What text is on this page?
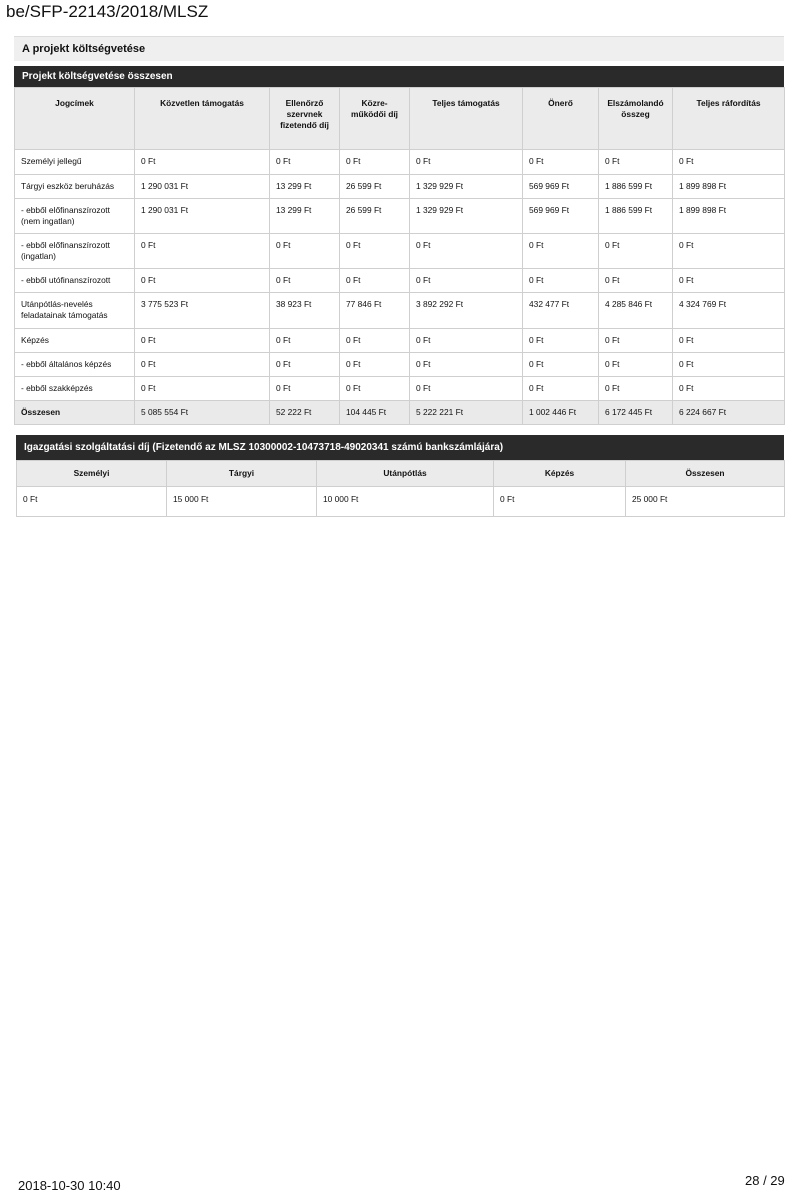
be/SFP-22143/2018/MLSZ
A projekt költségvetése
Projekt költségvetése összesen
Jogcímek	Közvetlen támogatás	Ellenőrző szervnek fizetendő díj	Közre-működői díj	Teljes támogatás	Önerő	Elszámolandó összeg	Teljes ráfordítás
Személyi jellegű	0 Ft	0 Ft	0 Ft	0 Ft	0 Ft	0 Ft	0 Ft
Tárgyi eszköz beruházás	1 290 031 Ft	13 299 Ft	26 599 Ft	1 329 929 Ft	569 969 Ft	1 886 599 Ft	1 899 898 Ft
- ebből előfinanszírozott (nem ingatlan)	1 290 031 Ft	13 299 Ft	26 599 Ft	1 329 929 Ft	569 969 Ft	1 886 599 Ft	1 899 898 Ft
- ebből előfinanszírozott (ingatlan)	0 Ft	0 Ft	0 Ft	0 Ft	0 Ft	0 Ft	0 Ft
- ebből utófinanszírozott	0 Ft	0 Ft	0 Ft	0 Ft	0 Ft	0 Ft	0 Ft
Utánpótlás-nevelés feladatainak támogatás	3 775 523 Ft	38 923 Ft	77 846 Ft	3 892 292 Ft	432 477 Ft	4 285 846 Ft	4 324 769 Ft
Képzés	0 Ft	0 Ft	0 Ft	0 Ft	0 Ft	0 Ft	0 Ft
- ebből általános képzés	0 Ft	0 Ft	0 Ft	0 Ft	0 Ft	0 Ft	0 Ft
- ebből szakképzés	0 Ft	0 Ft	0 Ft	0 Ft	0 Ft	0 Ft	0 Ft
Összesen	5 085 554 Ft	52 222 Ft	104 445 Ft	5 222 221 Ft	1 002 446 Ft	6 172 445 Ft	6 224 667 Ft
Igazgatási szolgáltatási díj (Fizetendő az MLSZ 10300002-10473718-49020341 számú bankszámlájára)
Személyi	Tárgyi	Utánpótlás	Képzés	Összesen
0 Ft	15 000 Ft	10 000 Ft	0 Ft	25 000 Ft
2018-10-30 10:40	28 / 29
